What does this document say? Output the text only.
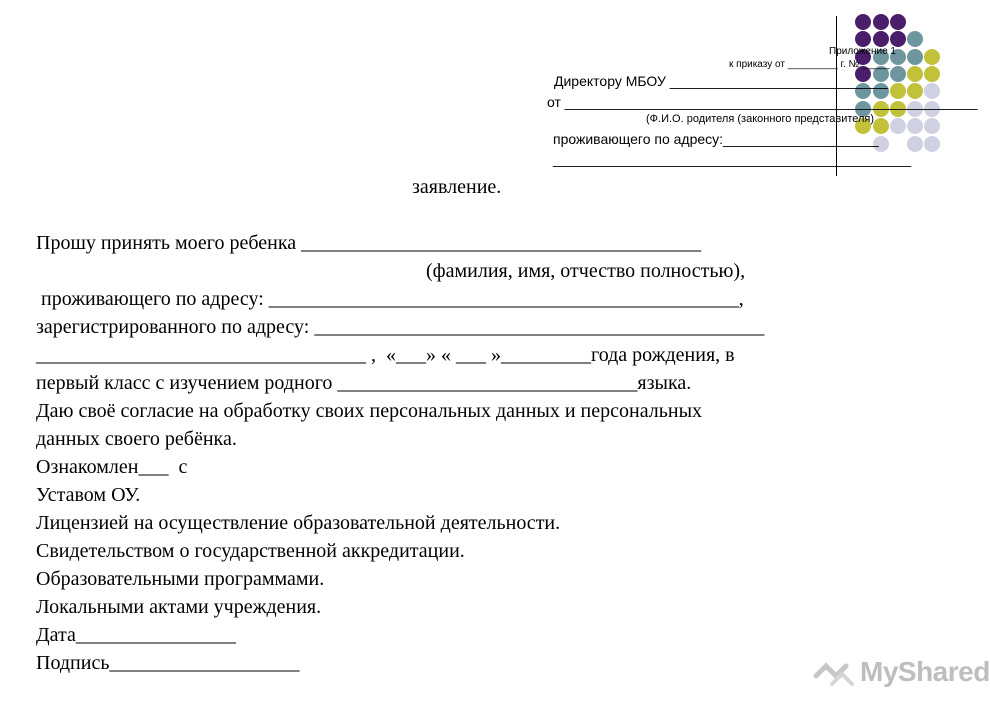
Приложение 1
к приказу от _________ г. № _____
Директору МБОУ ____________________________
от _____________________________________________________
(Ф.И.О. родителя (законного представителя)
проживающего по адресу:____________________
______________________________________________
заявление.
Прошу принять моего ребенка ________________________________________
(фамилия, имя, отчество полностью),
проживающего по адресу: _______________________________________________,
зарегистрированного по адресу: _____________________________________________
_________________________________ ,  «___» « ___ »_________года рождения, в
первый класс с изучением родного ______________________________языка.
Даю своё согласие на обработку своих персональных данных и персональных
данных своего ребёнка.
Ознакомлен___  с
Уставом ОУ.
Лицензией на осуществление образовательной деятельности.
Свидетельством о государственной аккредитации.
Образовательными программами.
Локальными актами учреждения.
Дата________________
Подпись___________________	MyShared
